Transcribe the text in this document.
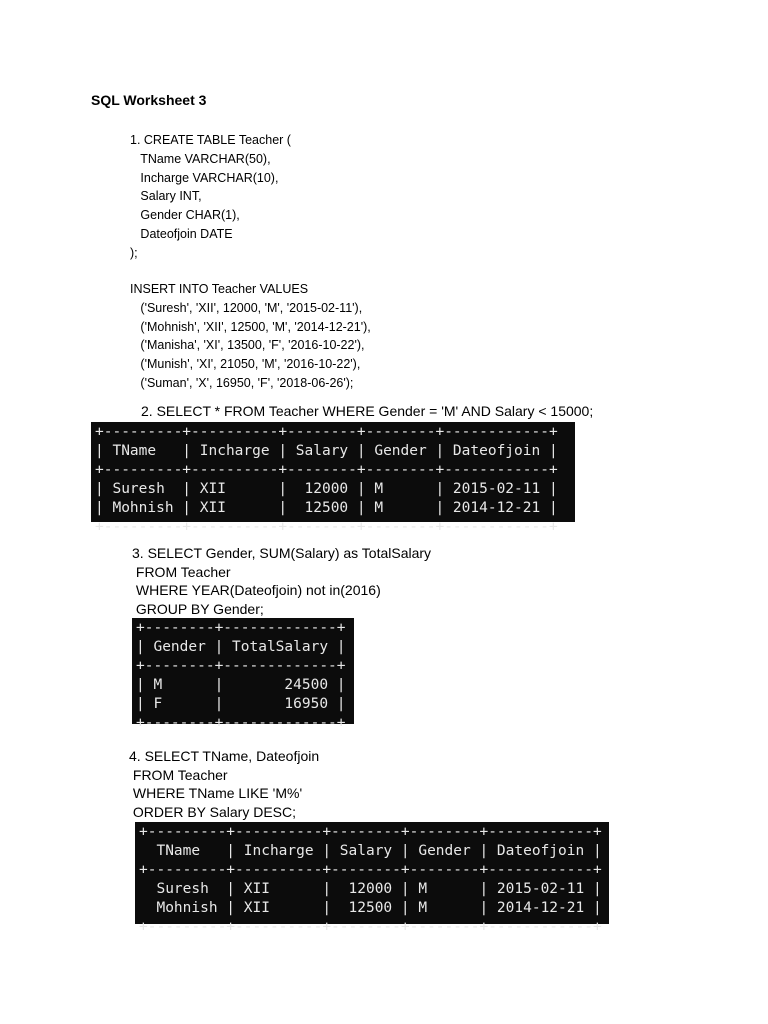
SQL Worksheet 3
1. CREATE TABLE Teacher (
TName VARCHAR(50),
Incharge VARCHAR(10),
Salary INT,
Gender CHAR(1),
Dateofjoin DATE
);
INSERT INTO Teacher VALUES
('Suresh', 'XII', 12000, 'M', '2015-02-11'),
('Mohnish', 'XII', 12500, 'M', '2014-12-21'),
('Manisha', 'XI', 13500, 'F', '2016-10-22'),
('Munish', 'XI', 21050, 'M', '2016-10-22'),
('Suman', 'X', 16950, 'F', '2018-06-26');
2. SELECT * FROM Teacher WHERE Gender = 'M' AND Salary < 15000;
+---------+----------+--------+--------+------------+
| TName   | Incharge | Salary | Gender | Dateofjoin |
+---------+----------+--------+--------+------------+
| Suresh  | XII      |  12000 | M      | 2015-02-11 |
| Mohnish | XII      |  12500 | M      | 2014-12-21 |
+---------+----------+--------+--------+------------+
3. SELECT Gender, SUM(Salary) as TotalSalary
FROM Teacher
WHERE YEAR(Dateofjoin) not in(2016)
GROUP BY Gender;
+--------+-------------+
| Gender | TotalSalary |
+--------+-------------+
| M      |       24500 |
| F      |       16950 |
+--------+-------------+
4. SELECT TName, Dateofjoin
FROM Teacher
WHERE TName LIKE 'M%'
ORDER BY Salary DESC;
+---------+----------+--------+--------+------------+
TName   | Incharge | Salary | Gender | Dateofjoin |
+---------+----------+--------+--------+------------+
Suresh  | XII      |  12000 | M      | 2015-02-11 |
Mohnish | XII      |  12500 | M      | 2014-12-21 |
+---------+----------+--------+--------+------------+
